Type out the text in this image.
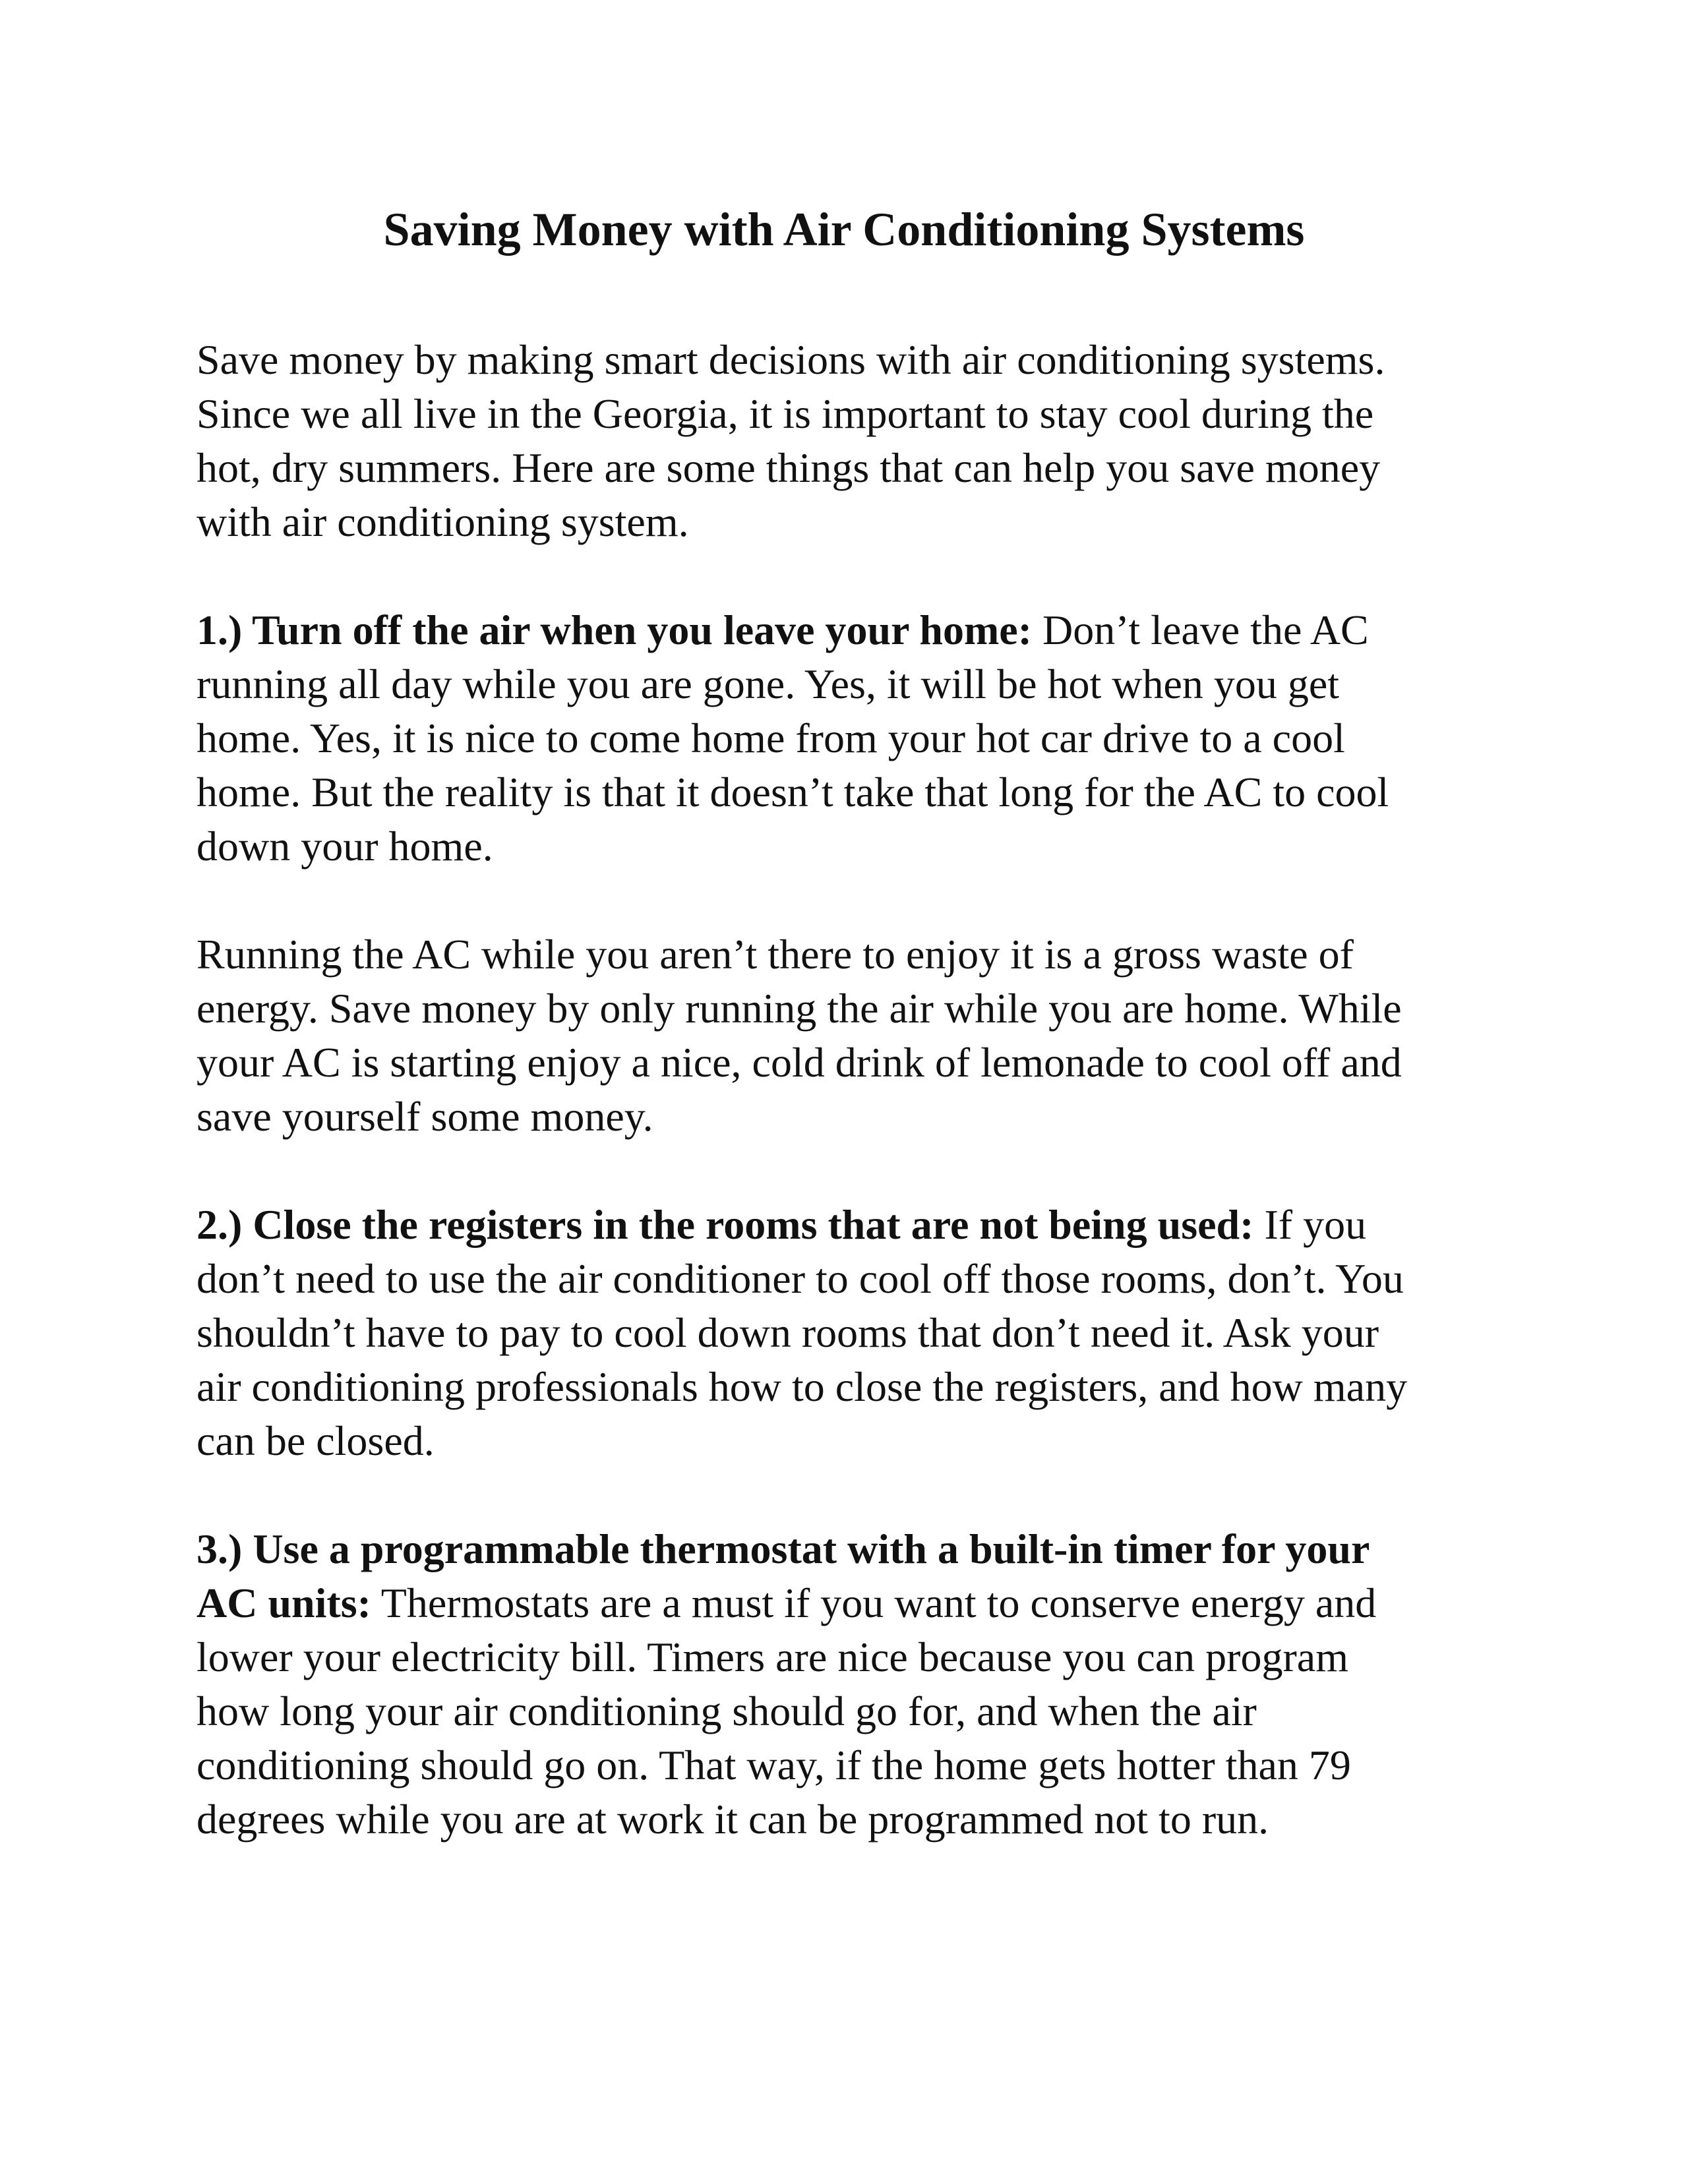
Saving Money with Air Conditioning Systems

Save money by making smart decisions with air conditioning systems.
Since we all live in the Georgia, it is important to stay cool during the
hot, dry summers. Here are some things that can help you save money
with air conditioning system.

1.) Turn off the air when you leave your home: Don’t leave the AC
running all day while you are gone. Yes, it will be hot when you get
home. Yes, it is nice to come home from your hot car drive to a cool
home. But the reality is that it doesn’t take that long for the AC to cool
down your home.

Running the AC while you aren’t there to enjoy it is a gross waste of
energy. Save money by only running the air while you are home. While
your AC is starting enjoy a nice, cold drink of lemonade to cool off and
save yourself some money.

2.) Close the registers in the rooms that are not being used: If you
don’t need to use the air conditioner to cool off those rooms, don’t. You
shouldn’t have to pay to cool down rooms that don’t need it. Ask your
air conditioning professionals how to close the registers, and how many
can be closed.

3.) Use a programmable thermostat with a built-in timer for your
AC units: Thermostats are a must if you want to conserve energy and
lower your electricity bill. Timers are nice because you can program
how long your air conditioning should go for, and when the air
conditioning should go on. That way, if the home gets hotter than 79
degrees while you are at work it can be programmed not to run.
